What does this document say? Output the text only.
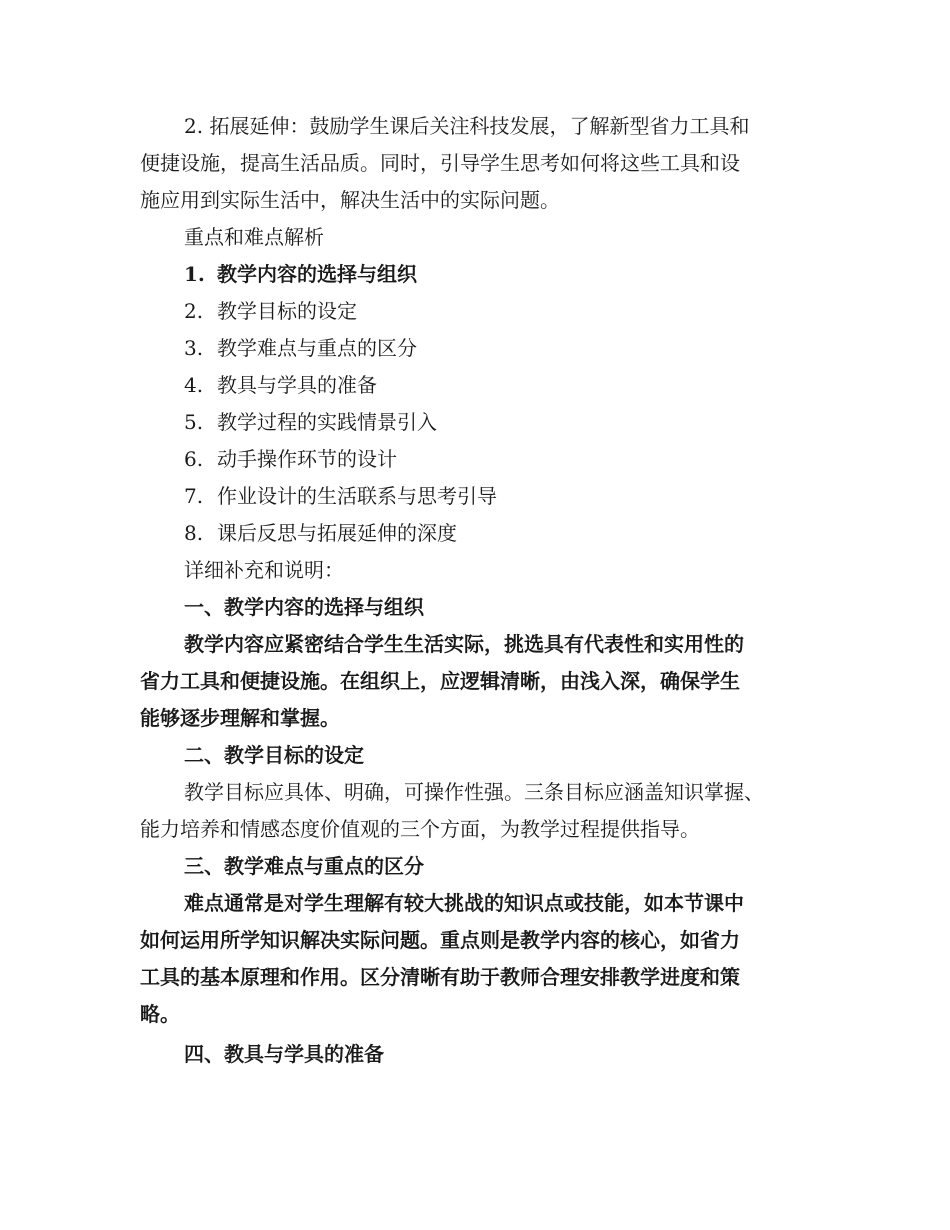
2. 拓展延伸：鼓励学生课后关注科技发展，了解新型省力工具和
便捷设施，提高生活品质。同时，引导学生思考如何将这些工具和设
施应用到实际生活中，解决生活中的实际问题。
重点和难点解析
1. 教学内容的选择与组织
2. 教学目标的设定
3. 教学难点与重点的区分
4. 教具与学具的准备
5. 教学过程的实践情景引入
6. 动手操作环节的设计
7. 作业设计的生活联系与思考引导
8. 课后反思与拓展延伸的深度
详细补充和说明：
一、教学内容的选择与组织
教学内容应紧密结合学生生活实际，挑选具有代表性和实用性的
省力工具和便捷设施。在组织上，应逻辑清晰，由浅入深，确保学生
能够逐步理解和掌握。
二、教学目标的设定
教学目标应具体、明确，可操作性强。三条目标应涵盖知识掌握、
能力培养和情感态度价值观的三个方面，为教学过程提供指导。
三、教学难点与重点的区分
难点通常是对学生理解有较大挑战的知识点或技能，如本节课中
如何运用所学知识解决实际问题。重点则是教学内容的核心，如省力
工具的基本原理和作用。区分清晰有助于教师合理安排教学进度和策
略。
四、教具与学具的准备
